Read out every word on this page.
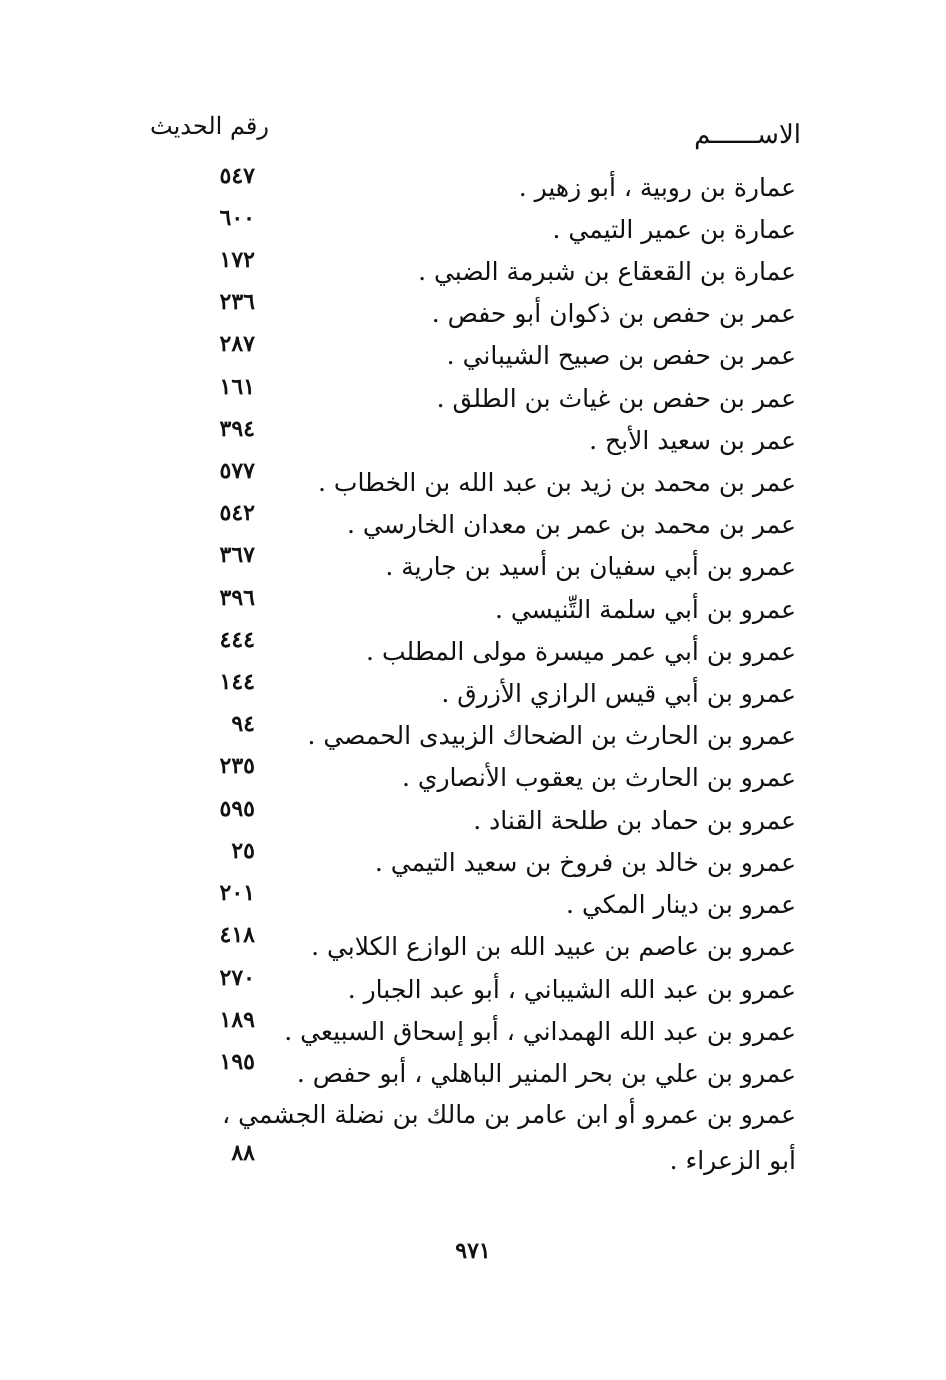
الاســــــم
رقم الحديث
عمارة بن روبية ، أبو زهير .
٥٤٧
عمارة بن عمير التيمي .
٦٠٠
عمارة بن القعقاع بن شبرمة الضبي .
١٧٢
عمر بن حفص بن ذكوان أبو حفص .
٢٣٦
عمر بن حفص بن صبيح الشيباني .
٢٨٧
عمر بن حفص بن غياث بن الطلق .
١٦١
عمر بن سعيد الأبح .
٣٩٤
عمر بن محمد بن زيد بن عبد الله بن الخطاب .
٥٧٧
عمر بن محمد بن عمر بن معدان الخارسي .
٥٤٢
عمرو بن أبي سفيان بن أسيد بن جارية .
٣٦٧
عمرو بن أبي سلمة التِّنيسي .
٣٩٦
عمرو بن أبي عمر ميسرة مولى المطلب .
٤٤٤
عمرو بن أبي قيس الرازي الأزرق .
١٤٤
عمرو بن الحارث بن الضحاك الزبيدى الحمصي .
٩٤
عمرو بن الحارث بن يعقوب الأنصاري .
٢٣٥
عمرو بن حماد بن طلحة القناد .
٥٩٥
عمرو بن خالد بن فروخ بن سعيد التيمي .
٢٥
عمرو بن دينار المكي .
٢٠١
عمرو بن عاصم بن عبيد الله بن الوازع الكلابي .
٤١٨
عمرو بن عبد الله الشيباني ، أبو عبد الجبار .
٢٧٠
عمرو بن عبد الله الهمداني ، أبو إسحاق السبيعي .
١٨٩
عمرو بن علي بن بحر المنير الباهلي ، أبو حفص .
١٩٥
عمرو بن عمرو أو ابن عامر بن مالك بن نضلة الجشمي ،
أبو الزعراء .
٨٨
٩٧١
